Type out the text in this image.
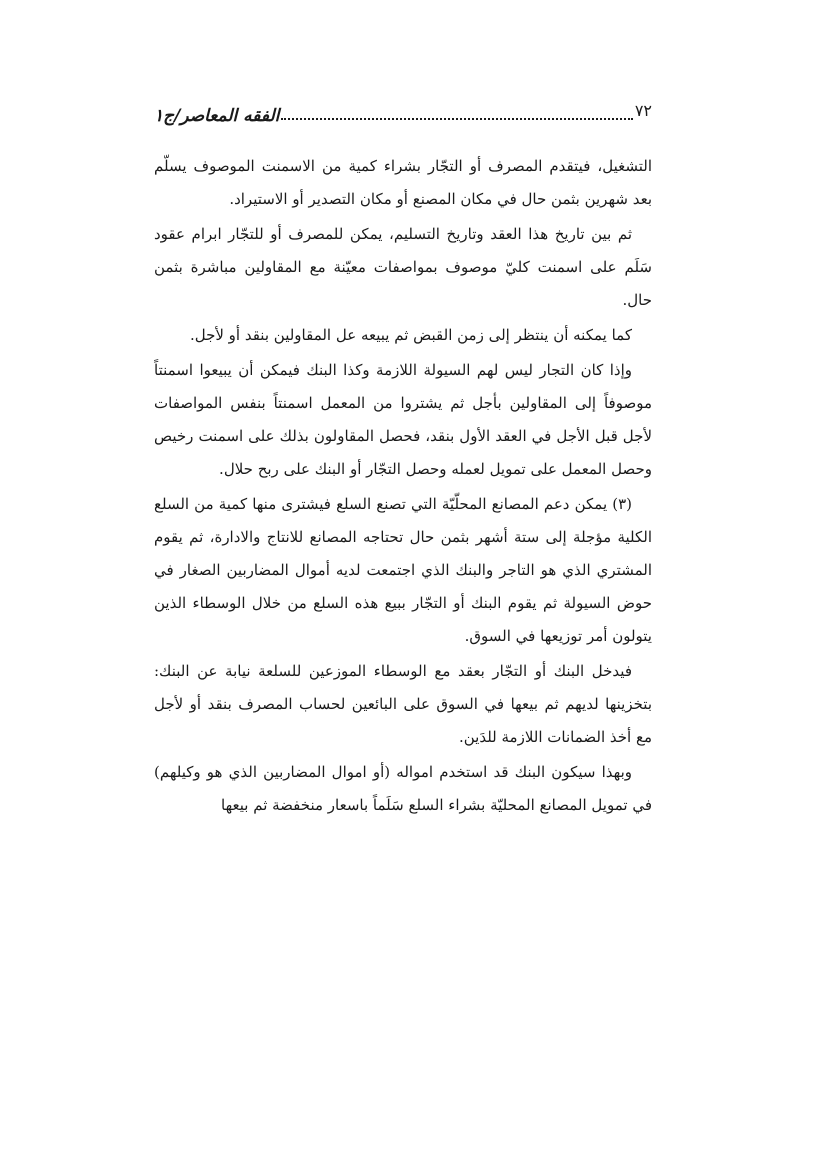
٧٢
الفقه المعاصر/ج١

التشغيل، فيتقدم المصرف أو التجّار بشراء كمية من الاسمنت الموصوف يسلّم بعد شهرين بثمن حال في مكان المصنع أو مكان التصدير أو الاستيراد.

ثم بين تاريخ هذا العقد وتاريخ التسليم، يمكن للمصرف أو للتجّار ابرام عقود سَلَم على اسمنت كليّ موصوف بمواصفات معيّنة مع المقاولين مباشرة بثمن حال.

كما يمكنه أن ينتظر إلى زمن القبض ثم يبيعه عل المقاولين بنقد أو لأجل.

وإذا كان التجار ليس لهم السيولة اللازمة وكذا البنك فيمكن أن يبيعوا اسمنتاً موصوفاً إلى المقاولين بأجل ثم يشتروا من المعمل اسمنتاً بنفس المواصفات لأجل قبل الأجل في العقد الأول بنقد، فحصل المقاولون بذلك على اسمنت رخيص وحصل المعمل على تمويل لعمله وحصل التجّار أو البنك على ربح حلال.

(٣) يمكن دعم المصانع المحلّيّة التي تصنع السلع فيشترى منها كمية من السلع الكلية مؤجلة إلى ستة أشهر بثمن حال تحتاجه المصانع للانتاج والادارة، ثم يقوم المشتري الذي هو التاجر والبنك الذي اجتمعت لديه أموال المضاربين الصغار في حوض السيولة ثم يقوم البنك أو التجّار ببيع هذه السلع من خلال الوسطاء الذين يتولون أمر توزيعها في السوق.

فيدخل البنك أو التجّار بعقد مع الوسطاء الموزعين للسلعة نيابة عن البنك: بتخزينها لديهم ثم بيعها في السوق على البائعين لحساب المصرف بنقد أو لأجل مع أخذ الضمانات اللازمة للدَين.

وبهذا سيكون البنك قد استخدم امواله (أو اموال المضاربين الذي هو وكيلهم) في تمويل المصانع المحليّة بشراء السلع سَلَماً باسعار منخفضة ثم بيعها
